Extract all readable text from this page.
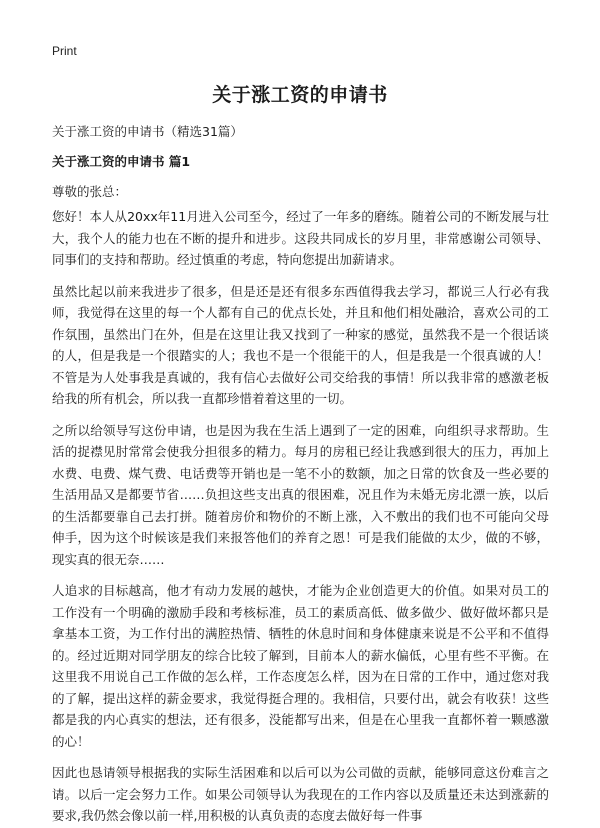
Print
关于涨工资的申请书
关于涨工资的申请书（精选31篇）
关于涨工资的申请书 篇1
尊敬的张总：

您好！本人从20xx年11月进入公司至今，经过了一年多的磨练。随着公司的不断发展与壮大，我个人的能力也在不断的提升和进步。这段共同成长的岁月里，非常感谢公司领导、同事们的支持和帮助。经过慎重的考虑，特向您提出加薪请求。

虽然比起以前来我进步了很多，但是还是还有很多东西值得我去学习，都说三人行必有我师，我觉得在这里的每一个人都有自己的优点长处，并且和他们相处融洽，喜欢公司的工作氛围，虽然出门在外，但是在这里让我又找到了一种家的感觉，虽然我不是一个很话谈的人，但是我是一个很踏实的人；我也不是一个很能干的人，但是我是一个很真诚的人！不管是为人处事我是真诚的，我有信心去做好公司交给我的事情！所以我非常的感激老板给我的所有机会，所以我一直都珍惜着着这里的一切。

之所以给领导写这份申请，也是因为我在生活上遇到了一定的困难，向组织寻求帮助。生活的捉襟见肘常常会使我分担很多的精力。每月的房租已经让我感到很大的压力，再加上水费、电费、煤气费、电话费等开销也是一笔不小的数额，加之日常的饮食及一些必要的生活用品又是都要节省……负担这些支出真的很困难，况且作为未婚无房北漂一族，以后的生活都要靠自己去打拼。随着房价和物价的不断上涨，入不敷出的我们也不可能向父母伸手，因为这个时候该是我们来报答他们的养育之恩！可是我们能做的太少，做的不够，现实真的很无奈……

人追求的目标越高，他才有动力发展的越快，才能为企业创造更大的价值。如果对员工的工作没有一个明确的激励手段和考核标准，员工的素质高低、做多做少、做好做坏都只是拿基本工资，为工作付出的满腔热情、牺牲的休息时间和身体健康来说是不公平和不值得的。经过近期对同学朋友的综合比较了解到，目前本人的薪水偏低，心里有些不平衡。在这里我不用说自己工作做的怎么样，工作态度怎么样，因为在日常的工作中，通过您对我的了解，提出这样的薪金要求，我觉得挺合理的。我相信，只要付出，就会有收获！这些都是我的内心真实的想法，还有很多，没能都写出来，但是在心里我一直都怀着一颗感激的心！

因此也恳请领导根据我的实际生活困难和以后可以为公司做的贡献，能够同意这份难言之请。以后一定会努力工作。如果公司领导认为我现在的工作内容以及质量还未达到涨薪的要求,我仍然会像以前一样,用积极的认真负责的态度去做好每一件事
